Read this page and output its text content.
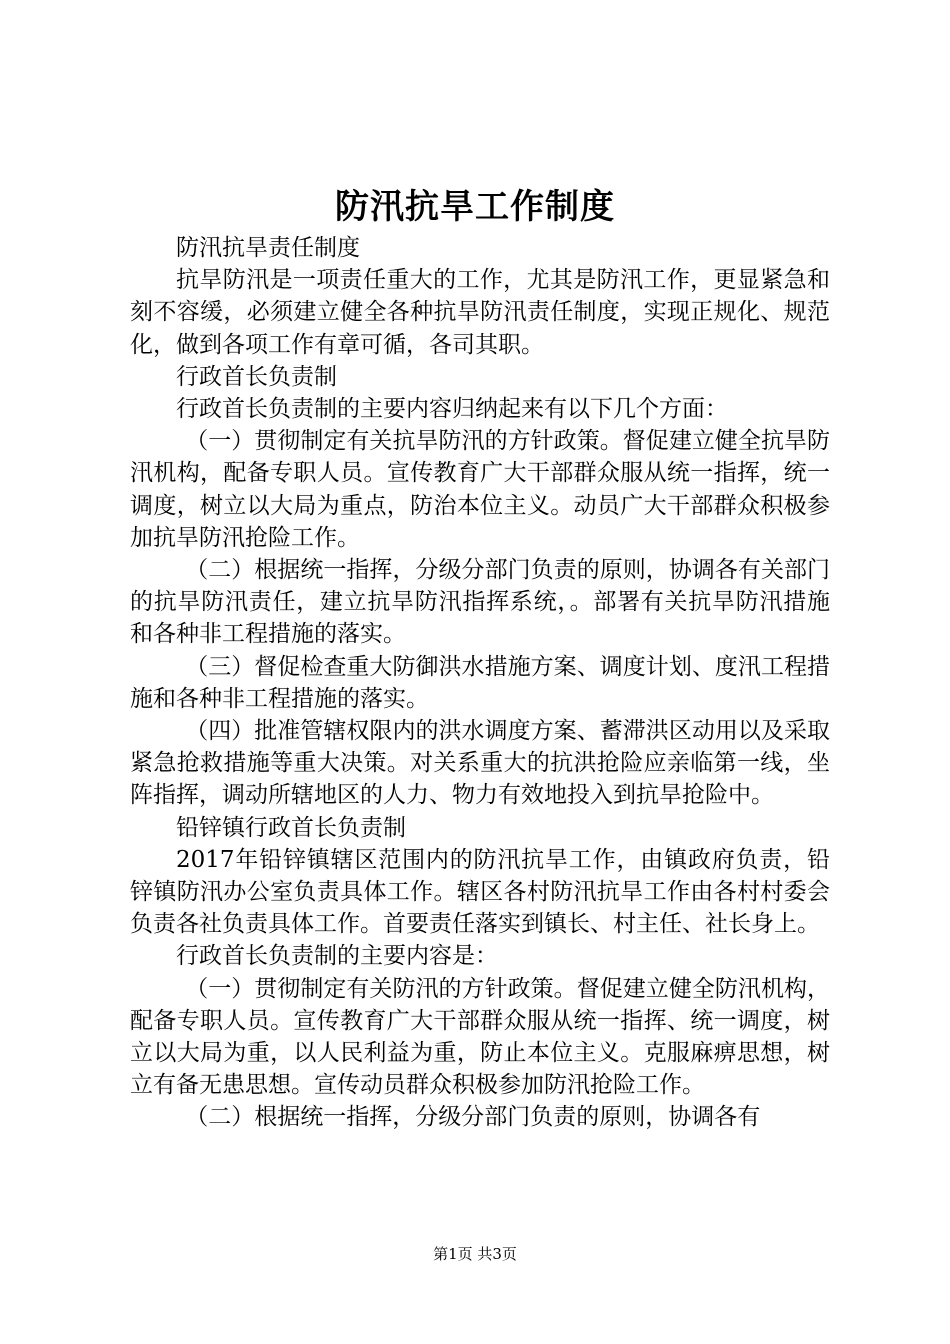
防汛抗旱工作制度

防汛抗旱责任制度

抗旱防汛是一项责任重大的工作，尤其是防汛工作，更显紧急和刻不容缓，必须建立健全各种抗旱防汛责任制度，实现正规化、规范化，做到各项工作有章可循，各司其职。

行政首长负责制

行政首长负责制的主要内容归纳起来有以下几个方面：

（一）贯彻制定有关抗旱防汛的方针政策。督促建立健全抗旱防汛机构，配备专职人员。宣传教育广大干部群众服从统一指挥，统一调度，树立以大局为重点，防治本位主义。动员广大干部群众积极参加抗旱防汛抢险工作。

（二）根据统一指挥，分级分部门负责的原则，协调各有关部门的抗旱防汛责任，建立抗旱防汛指挥系统，。部署有关抗旱防汛措施和各种非工程措施的落实。

（三）督促检查重大防御洪水措施方案、调度计划、度汛工程措施和各种非工程措施的落实。

（四）批准管辖权限内的洪水调度方案、蓄滞洪区动用以及采取紧急抢救措施等重大决策。对关系重大的抗洪抢险应亲临第一线，坐阵指挥，调动所辖地区的人力、物力有效地投入到抗旱抢险中。

铅锌镇行政首长负责制

2017年铅锌镇辖区范围内的防汛抗旱工作，由镇政府负责，铅锌镇防汛办公室负责具体工作。辖区各村防汛抗旱工作由各村村委会负责各社负责具体工作。首要责任落实到镇长、村主任、社长身上。

行政首长负责制的主要内容是：

（一）贯彻制定有关防汛的方针政策。督促建立健全防汛机构，配备专职人员。宣传教育广大干部群众服从统一指挥、统一调度，树立以大局为重，以人民利益为重，防止本位主义。克服麻痹思想，树立有备无患思想。宣传动员群众积极参加防汛抢险工作。

（二）根据统一指挥，分级分部门负责的原则，协调各有

第1页 共3页
